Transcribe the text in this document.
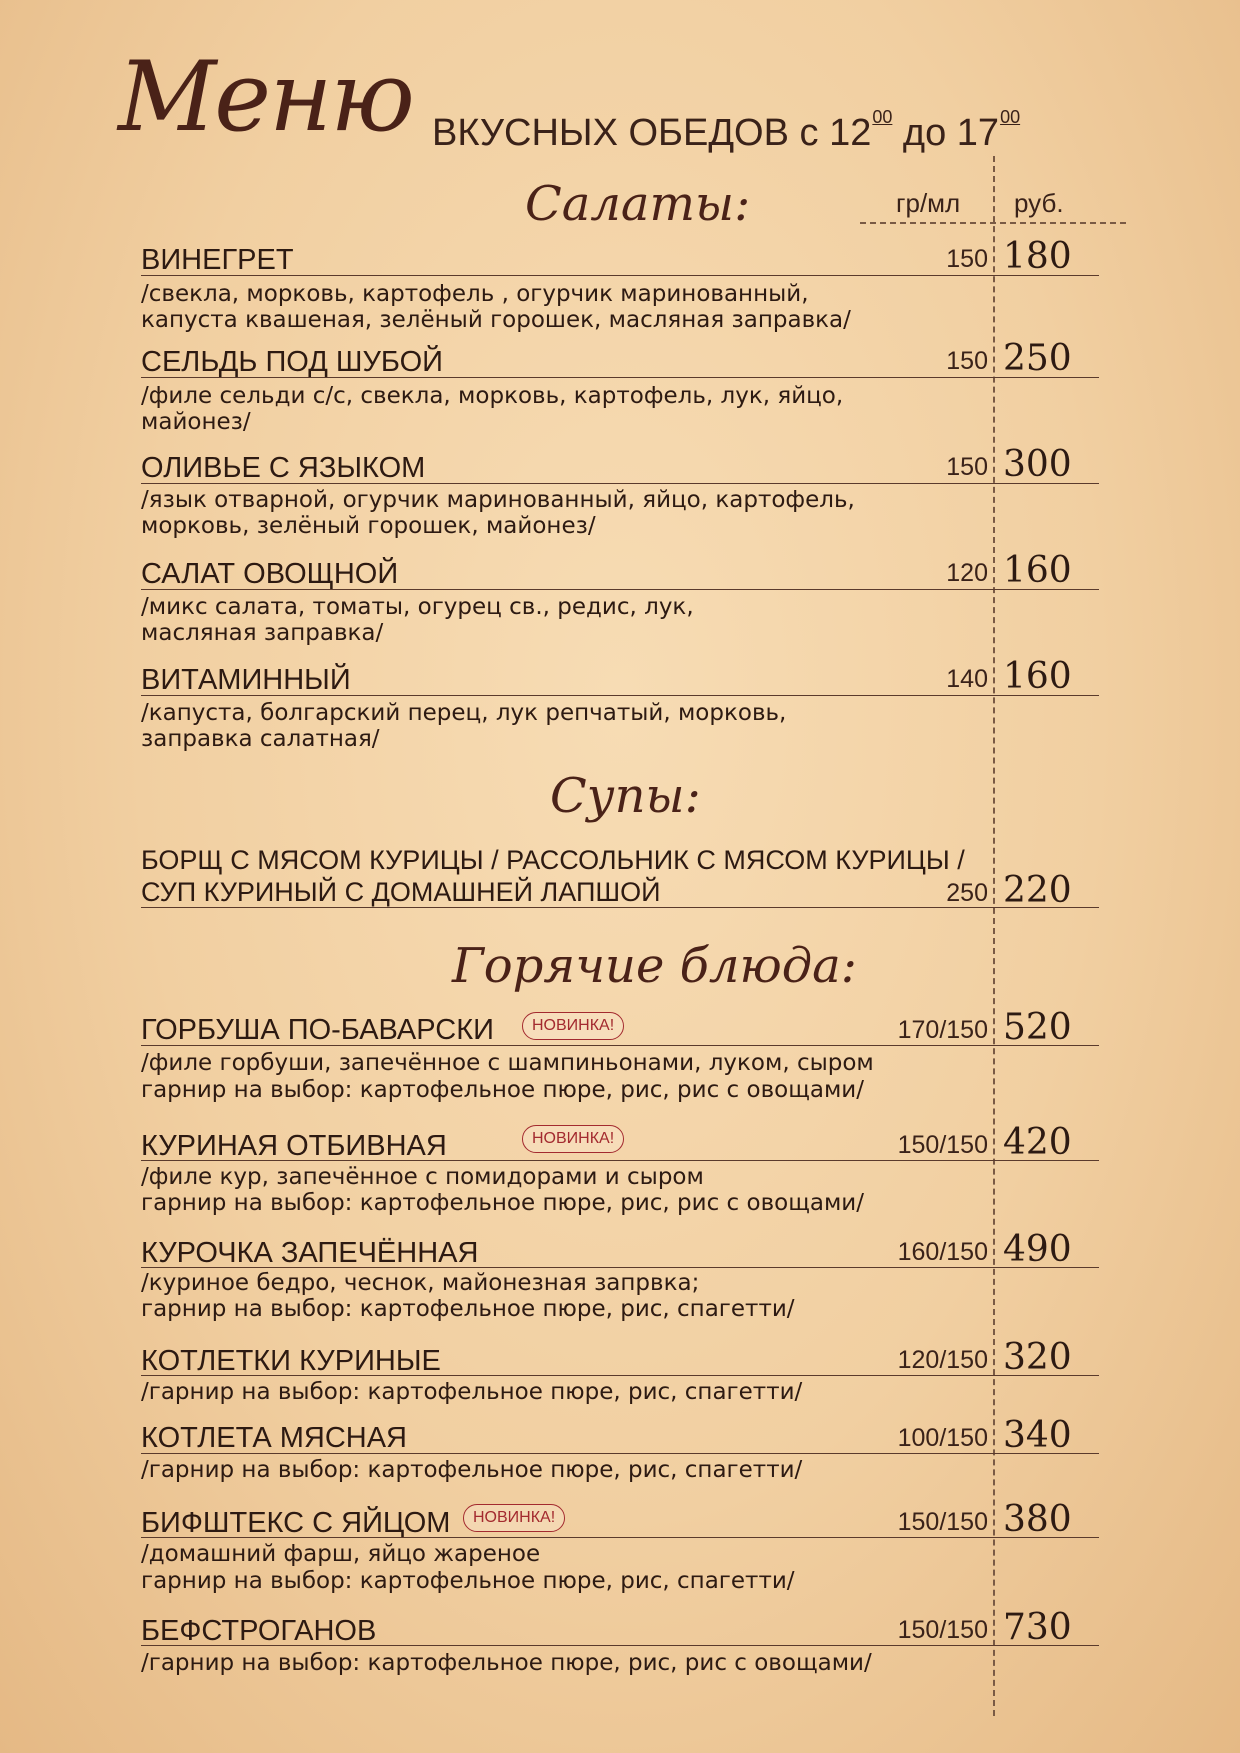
Меню ВКУСНЫХ ОБЕДОВ с $12^{00}$ до $17^{00}$
гр/мл руб.
Салаты:
ВИНЕГРЕТ	150 180
/свекла, морковь, картофель , огурчик маринованный,
капуста квашеная, зелёный горошек, масляная заправка/
СЕЛЬДЬ ПОД ШУБОЙ	150 250
/филе сельди с/с, свекла, морковь, картофель, лук, яйцо,
майонез/
ОЛИВЬЕ С ЯЗЫКОМ	150 300
/язык отварной, огурчик маринованный, яйцо, картофель,
морковь, зелёный горошек, майонез/
САЛАТ ОВОЩНОЙ	120 160
/микс салата, томаты, огурец св., редис, лук,
масляная заправка/
ВИТАМИННЫЙ	140 160
/капуста, болгарский перец, лук репчатый, морковь,
заправка салатная/
Супы:
БОРЩ С МЯСОМ КУРИЦЫ / РАССОЛЬНИК С МЯСОМ КУРИЦЫ /
СУП КУРИНЫЙ С ДОМАШНЕЙ ЛАПШОЙ	250 220
Горячие блюда:
ГОРБУША ПО-БАВАРСКИ	НОВИНКА!	170/150 520
/филе горбуши, запечённое с шампиньонами, луком, сыром
гарнир на выбор: картофельное пюре, рис, рис с овощами/
КУРИНАЯ ОТБИВНАЯ	НОВИНКА!	150/150 420
/филе кур, запечённое с помидорами и сыром
гарнир на выбор: картофельное пюре, рис, рис с овощами/
КУРОЧКА ЗАПЕЧЁННАЯ	160/150 490
/куриное бедро, чеснок, майонезная запрвка;
гарнир на выбор: картофельное пюре, рис, спагетти/
КОТЛЕТКИ КУРИНЫЕ	120/150 320
/гарнир на выбор: картофельное пюре, рис, спагетти/
КОТЛЕТА МЯСНАЯ	100/150 340
/гарнир на выбор: картофельное пюре, рис, спагетти/
БИФШТЕКС С ЯЙЦОМ	НОВИНКА!	150/150 380
/домашний фарш, яйцо жареное
гарнир на выбор: картофельное пюре, рис, спагетти/
БЕФСТРОГАНОВ	150/150 730
/гарнир на выбор: картофельное пюре, рис, рис с овощами/
